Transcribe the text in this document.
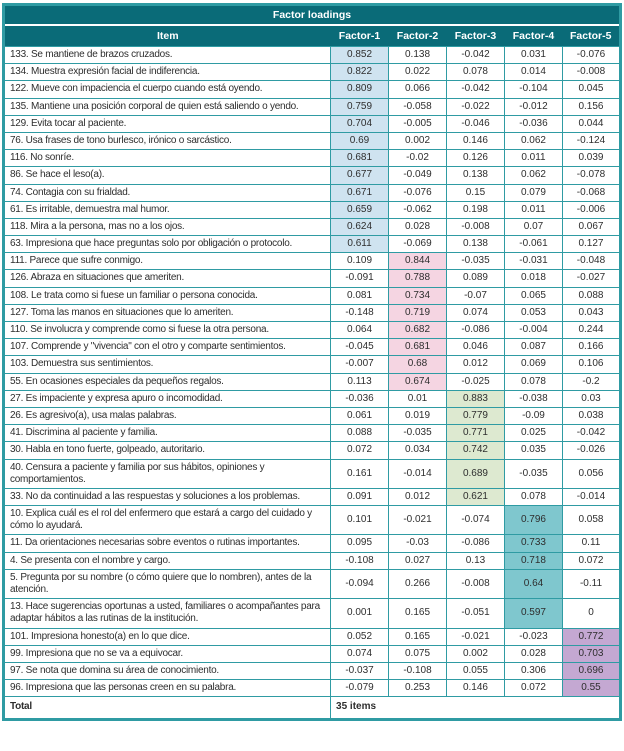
Factor loadings					
Item	Factor-1	Factor-2	Factor-3	Factor-4	Factor-5
133. Se mantiene de brazos cruzados.	0.852	0.138	-0.042	0.031	-0.076
134. Muestra expresión facial de indiferencia.	0.822	0.022	0.078	0.014	-0.008
122. Mueve con impaciencia el cuerpo cuando está oyendo.	0.809	0.066	-0.042	-0.104	0.045
135. Mantiene una posición corporal de quien está saliendo o yendo.	0.759	-0.058	-0.022	-0.012	0.156
129. Evita tocar al paciente.	0.704	-0.005	-0.046	-0.036	0.044
76. Usa frases de tono burlesco, irónico o sarcástico.	0.69	0.002	0.146	0.062	-0.124
116. No sonríe.	0.681	-0.02	0.126	0.011	0.039
86. Se hace el leso(a).	0.677	-0.049	0.138	0.062	-0.078
74. Contagia con su frialdad.	0.671	-0.076	0.15	0.079	-0.068
61. Es irritable, demuestra mal humor.	0.659	-0.062	0.198	0.011	-0.006
118. Mira a la persona, mas no a los ojos.	0.624	0.028	-0.008	0.07	0.067
63. Impresiona que hace preguntas solo por obligación o protocolo.	0.611	-0.069	0.138	-0.061	0.127
111. Parece que sufre conmigo.	0.109	0.844	-0.035	-0.031	-0.048
126. Abraza en situaciones que ameriten.	-0.091	0.788	0.089	0.018	-0.027
108. Le trata como si fuese un familiar o persona conocida.	0.081	0.734	-0.07	0.065	0.088
127. Toma las manos en situaciones que lo ameriten.	-0.148	0.719	0.074	0.053	0.043
110. Se involucra y comprende como si fuese la otra persona.	0.064	0.682	-0.086	-0.004	0.244
107. Comprende y "vivencia" con el otro y comparte sentimientos.	-0.045	0.681	0.046	0.087	0.166
103. Demuestra sus sentimientos.	-0.007	0.68	0.012	0.069	0.106
55. En ocasiones especiales da pequeños regalos.	0.113	0.674	-0.025	0.078	-0.2
27. Es impaciente y expresa apuro o incomodidad.	-0.036	0.01	0.883	-0.038	0.03
26. Es agresivo(a), usa malas palabras.	0.061	0.019	0.779	-0.09	0.038
41. Discrimina al paciente y familia.	0.088	-0.035	0.771	0.025	-0.042
30. Habla en tono fuerte, golpeado, autoritario.	0.072	0.034	0.742	0.035	-0.026
40. Censura a paciente y familia por sus hábitos, opiniones y comportamientos.	0.161	-0.014	0.689	-0.035	0.056
33. No da continuidad a las respuestas y soluciones a los problemas.	0.091	0.012	0.621	0.078	-0.014
10. Explica cuál es el rol del enfermero que estará a cargo del cuidado y cómo lo ayudará.	0.101	-0.021	-0.074	0.796	0.058
11. Da orientaciones necesarias sobre eventos o rutinas importantes.	0.095	-0.03	-0.086	0.733	0.11
4. Se presenta con el nombre y cargo.	-0.108	0.027	0.13	0.718	0.072
5. Pregunta por su nombre (o cómo quiere que lo nombren), antes de la atención.	-0.094	0.266	-0.008	0.64	-0.11
13. Hace sugerencias oportunas a usted, familiares o acompañantes para adaptar hábitos a las rutinas de la institución.	0.001	0.165	-0.051	0.597	0
101. Impresiona honesto(a) en lo que dice.	0.052	0.165	-0.021	-0.023	0.772
99. Impresiona que no se va a equivocar.	0.074	0.075	0.002	0.028	0.703
97. Se nota que domina su área de conocimiento.	-0.037	-0.108	0.055	0.306	0.696
96. Impresiona que las personas creen en su palabra.	-0.079	0.253	0.146	0.072	0.55
Total	35 items				
